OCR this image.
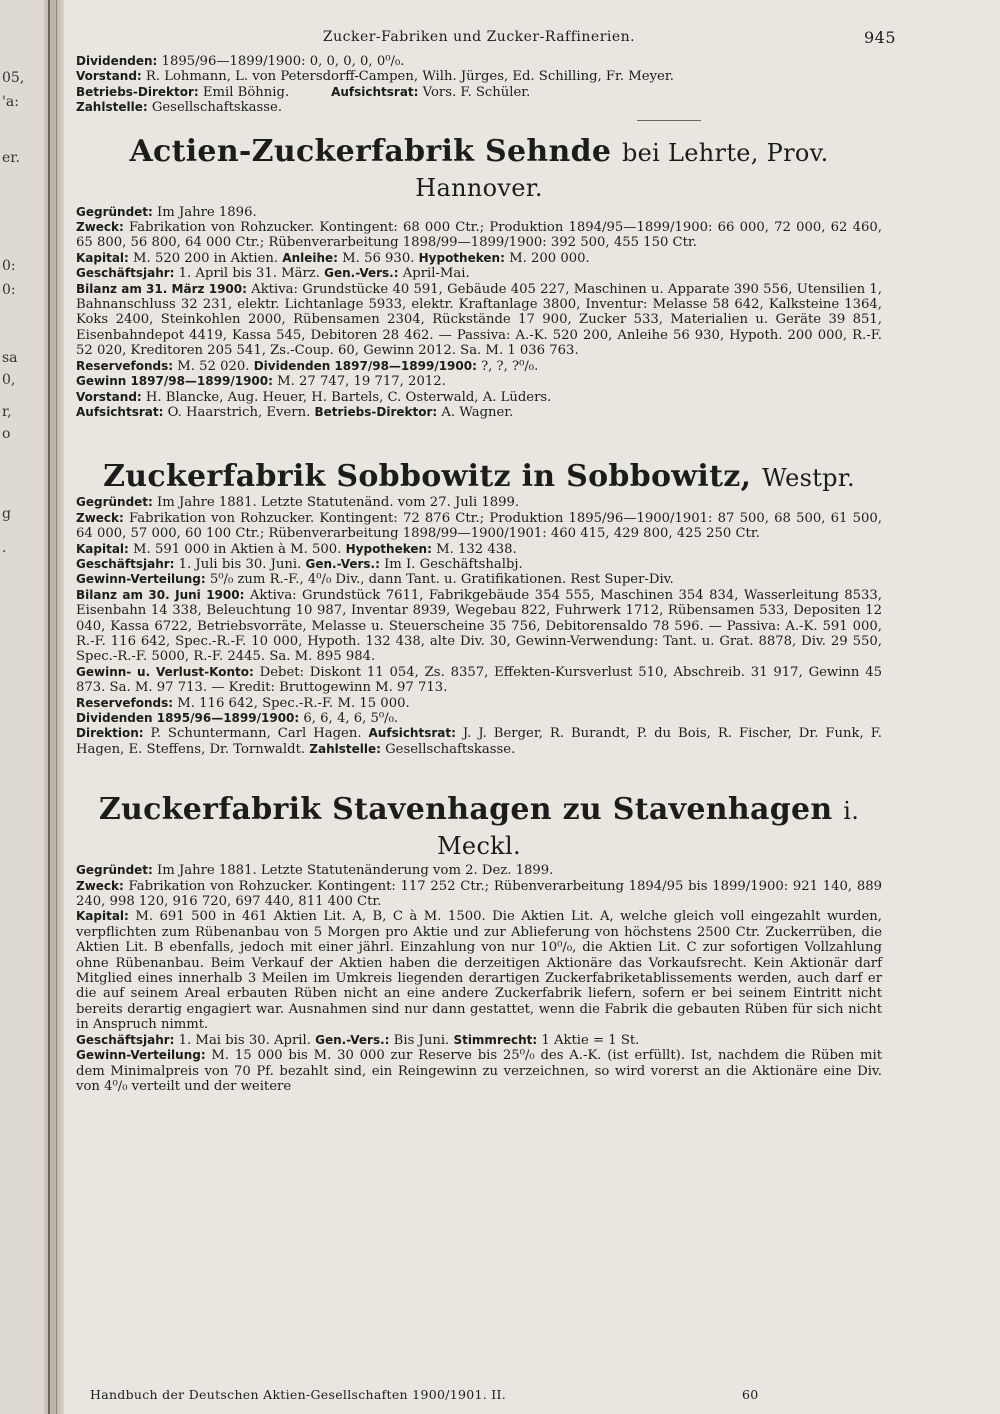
05,
'a:
er.
0:
0:
sa
0,
r,
o
g
.
Zucker-Fabriken und Zucker-Raffinerien.	945

Dividenden: 1895/96—1899/1900: 0, 0, 0, 0, 0⁰/₀.

Vorstand: R. Lohmann, L. von Petersdorff-Campen, Wilh. Jürges, Ed. Schilling, Fr. Meyer.

Betriebs-Direktor: Emil Böhnig.	Aufsichtsrat: Vors. F. Schüler.

Zahlstelle: Gesellschaftskasse.

Actien-Zuckerfabrik Sehnde bei Lehrte, Prov. Hannover.

Gegründet: Im Jahre 1896.

Zweck: Fabrikation von Rohzucker. Kontingent: 68 000 Ctr.; Produktion 1894/95—1899/1900: 66 000, 72 000, 62 460, 65 800, 56 800, 64 000 Ctr.; Rübenverarbeitung 1898/99—1899/1900: 392 500, 455 150 Ctr.

Kapital: M. 520 200 in Aktien. Anleihe: M. 56 930. Hypotheken: M. 200 000.

Geschäftsjahr: 1. April bis 31. März. Gen.-Vers.: April-Mai.

Bilanz am 31. März 1900: Aktiva: Grundstücke 40 591, Gebäude 405 227, Maschinen u. Apparate 390 556, Utensilien 1, Bahnanschluss 32 231, elektr. Lichtanlage 5933, elektr. Kraftanlage 3800, Inventur: Melasse 58 642, Kalksteine 1364, Koks 2400, Steinkohlen 2000, Rübensamen 2304, Rückstände 17 900, Zucker 533, Materialien u. Geräte 39 851, Eisenbahndepot 4419, Kassa 545, Debitoren 28 462. — Passiva: A.-K. 520 200, Anleihe 56 930, Hypoth. 200 000, R.-F. 52 020, Kreditoren 205 541, Zs.-Coup. 60, Gewinn 2012. Sa. M. 1 036 763.

Reservefonds: M. 52 020. Dividenden 1897/98—1899/1900: ?, ?, ?⁰/₀.

Gewinn 1897/98—1899/1900: M. 27 747, 19 717, 2012.

Vorstand: H. Blancke, Aug. Heuer, H. Bartels, C. Osterwald, A. Lüders.

Aufsichtsrat: O. Haarstrich, Evern. Betriebs-Direktor: A. Wagner.

Zuckerfabrik Sobbowitz in Sobbowitz, Westpr.

Gegründet: Im Jahre 1881. Letzte Statutenänd. vom 27. Juli 1899.

Zweck: Fabrikation von Rohzucker. Kontingent: 72 876 Ctr.; Produktion 1895/96—1900/1901: 87 500, 68 500, 61 500, 64 000, 57 000, 60 100 Ctr.; Rübenverarbeitung 1898/99—1900/1901: 460 415, 429 800, 425 250 Ctr.

Kapital: M. 591 000 in Aktien à M. 500. Hypotheken: M. 132 438.

Geschäftsjahr: 1. Juli bis 30. Juni. Gen.-Vers.: Im I. Geschäftshalbj.

Gewinn-Verteilung: 5⁰/₀ zum R.-F., 4⁰/₀ Div., dann Tant. u. Gratifikationen. Rest Super-Div.

Bilanz am 30. Juni 1900: Aktiva: Grundstück 7611, Fabrikgebäude 354 555, Maschinen 354 834, Wasserleitung 8533, Eisenbahn 14 338, Beleuchtung 10 987, Inventar 8939, Wegebau 822, Fuhrwerk 1712, Rübensamen 533, Depositen 12 040, Kassa 6722, Betriebsvorräte, Melasse u. Steuerscheine 35 756, Debitorensaldo 78 596. — Passiva: A.-K. 591 000, R.-F. 116 642, Spec.-R.-F. 10 000, Hypoth. 132 438, alte Div. 30, Gewinn-Verwendung: Tant. u. Grat. 8878, Div. 29 550, Spec.-R.-F. 5000, R.-F. 2445. Sa. M. 895 984.

Gewinn- u. Verlust-Konto: Debet: Diskont 11 054, Zs. 8357, Effekten-Kursverlust 510, Abschreib. 31 917, Gewinn 45 873. Sa. M. 97 713. — Kredit: Bruttogewinn M. 97 713.

Reservefonds: M. 116 642, Spec.-R.-F. M. 15 000.

Dividenden 1895/96—1899/1900: 6, 6, 4, 6, 5⁰/₀.

Direktion: P. Schuntermann, Carl Hagen. Aufsichtsrat: J. J. Berger, R. Burandt, P. du Bois, R. Fischer, Dr. Funk, F. Hagen, E. Steffens, Dr. Tornwaldt. Zahlstelle: Gesellschaftskasse.

Zuckerfabrik Stavenhagen zu Stavenhagen i. Meckl.

Gegründet: Im Jahre 1881. Letzte Statutenänderung vom 2. Dez. 1899.

Zweck: Fabrikation von Rohzucker. Kontingent: 117 252 Ctr.; Rübenverarbeitung 1894/95 bis 1899/1900: 921 140, 889 240, 998 120, 916 720, 697 440, 811 400 Ctr.

Kapital: M. 691 500 in 461 Aktien Lit. A, B, C à M. 1500. Die Aktien Lit. A, welche gleich voll eingezahlt wurden, verpflichten zum Rübenanbau von 5 Morgen pro Aktie und zur Ablieferung von höchstens 2500 Ctr. Zuckerrüben, die Aktien Lit. B ebenfalls, jedoch mit einer jährl. Einzahlung von nur 10⁰/₀, die Aktien Lit. C zur sofortigen Vollzahlung ohne Rübenanbau. Beim Verkauf der Aktien haben die derzeitigen Aktionäre das Vorkaufsrecht. Kein Aktionär darf Mitglied eines innerhalb 3 Meilen im Umkreis liegenden derartigen Zuckerfabriketablissements werden, auch darf er die auf seinem Areal erbauten Rüben nicht an eine andere Zuckerfabrik liefern, sofern er bei seinem Eintritt nicht bereits derartig engagiert war. Ausnahmen sind nur dann gestattet, wenn die Fabrik die gebauten Rüben für sich nicht in Anspruch nimmt.

Geschäftsjahr: 1. Mai bis 30. April. Gen.-Vers.: Bis Juni. Stimmrecht: 1 Aktie = 1 St.

Gewinn-Verteilung: M. 15 000 bis M. 30 000 zur Reserve bis 25⁰/₀ des A.-K. (ist erfüllt). Ist, nachdem die Rüben mit dem Minimalpreis von 70 Pf. bezahlt sind, ein Reingewinn zu verzeichnen, so wird vorerst an die Aktionäre eine Div. von 4⁰/₀ verteilt und der weitere

Handbuch der Deutschen Aktien-Gesellschaften 1900/1901. II.	60
